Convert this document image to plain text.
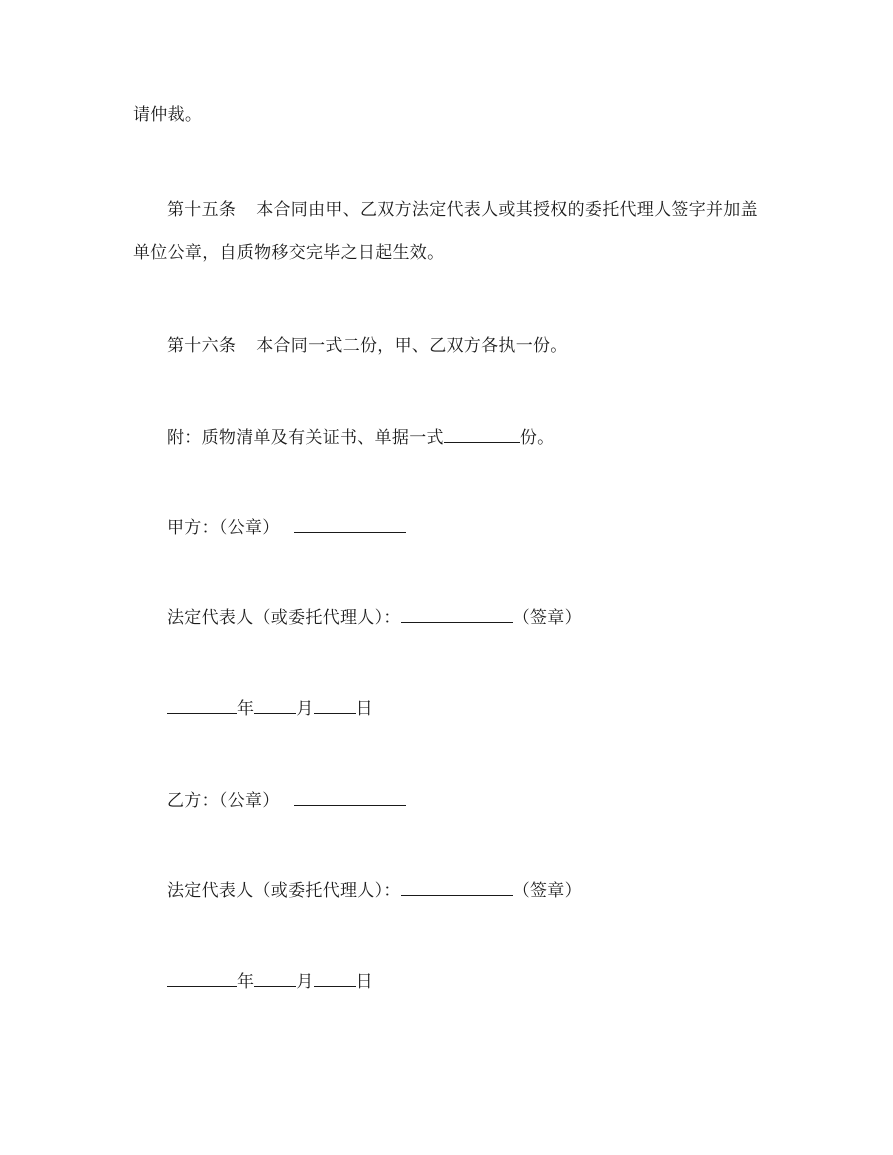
请仲裁。
第十五条 本合同由甲、乙双方法定代表人或其授权的委托代理人签字并加盖
单位公章，自质物移交完毕之日起生效。
第十六条 本合同一式二份，甲、乙双方各执一份。
附：质物清单及有关证书、单据一式	份。
甲方：（公章）
法定代表人（或委托代理人）：	（签章）
年 月 日
乙方：（公章）
法定代表人（或委托代理人）：	（签章）
年 月 日
